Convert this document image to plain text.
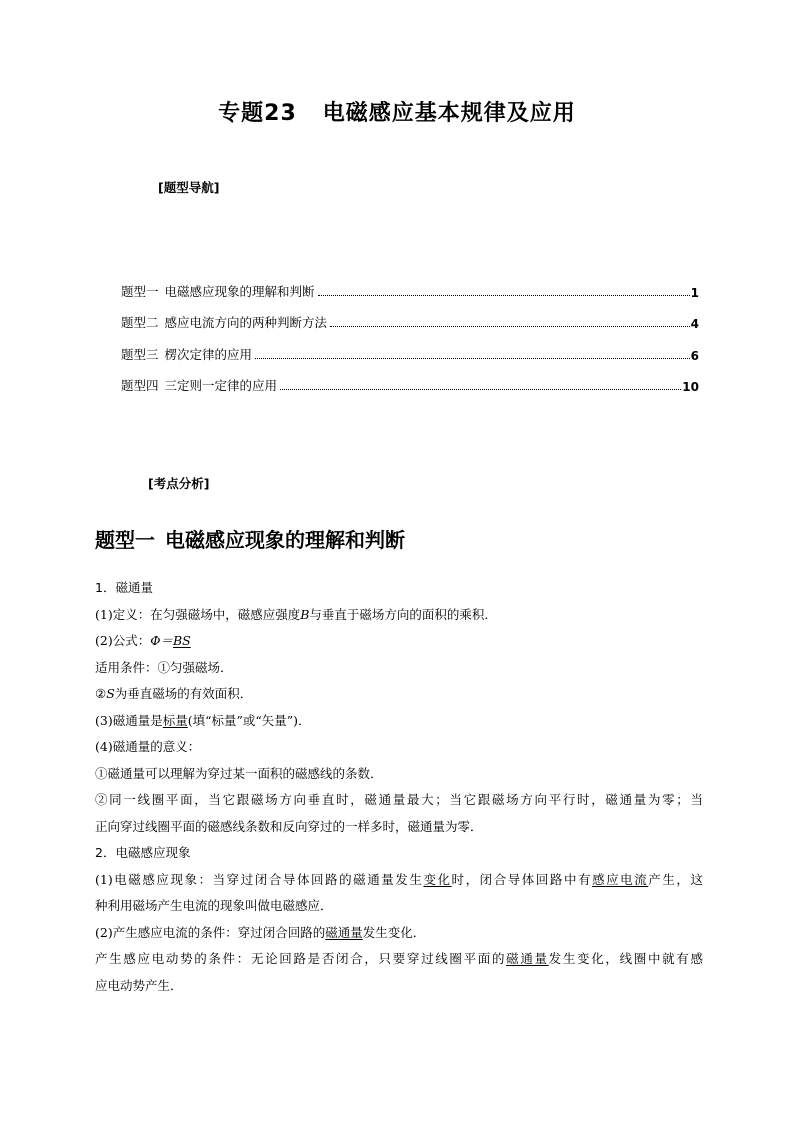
专题23 电磁感应基本规律及应用
[题型导航]
题型一 电磁感应现象的理解和判断	1
题型二 感应电流方向的两种判断方法	4
题型三 楞次定律的应用	6
题型四 三定则一定律的应用	10
[考点分析]
题型一 电磁感应现象的理解和判断
1．磁通量
(1)定义：在匀强磁场中，磁感应强度B与垂直于磁场方向的面积的乘积．
(2)公式：Φ＝BS
适用条件：①匀强磁场．
②S为垂直磁场的有效面积．
(3)磁通量是标量(填“标量”或“矢量”)．
(4)磁通量的意义：
①磁通量可以理解为穿过某一面积的磁感线的条数．
②同一线圈平面，当它跟磁场方向垂直时，磁通量最大；当它跟磁场方向平行时，磁通量为零；当
正向穿过线圈平面的磁感线条数和反向穿过的一样多时，磁通量为零．
2．电磁感应现象
(1)电磁感应现象：当穿过闭合导体回路的磁通量发生变化时，闭合导体回路中有感应电流产生，这
种利用磁场产生电流的现象叫做电磁感应．
(2)产生感应电流的条件：穿过闭合回路的磁通量发生变化．
产生感应电动势的条件：无论回路是否闭合，只要穿过线圈平面的磁通量发生变化，线圈中就有感
应电动势产生．
